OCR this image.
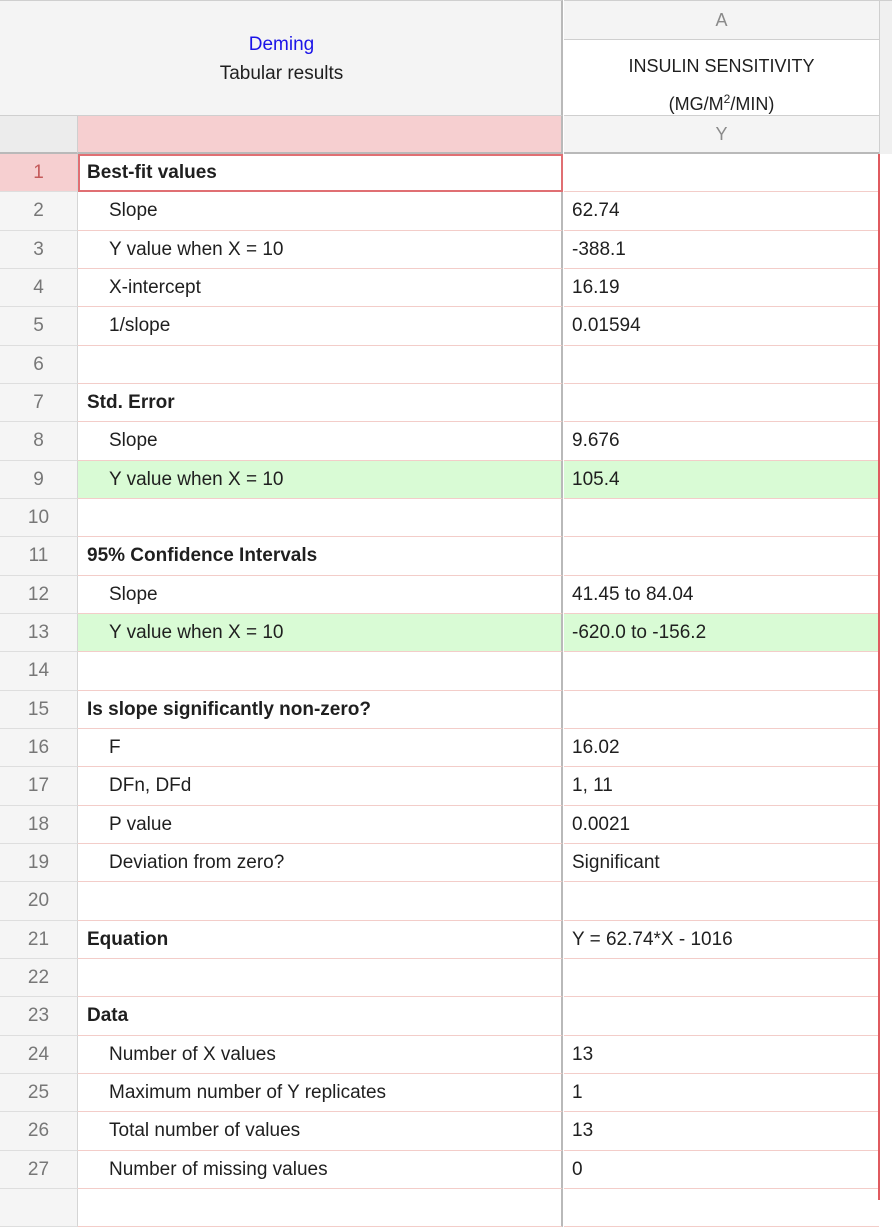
Deming
Tabular results
A
INSULIN SENSITIVITY
$(MG/M^2/MIN)$
Y
1	Best-fit values
2	Slope	62.74
3	Y value when X = 10	-388.1
4	X-intercept	16.19
5	1/slope	0.01594
6
7	Std. Error
8	Slope	9.676
9	Y value when X = 10	105.4
10
11	95% Confidence Intervals
12	Slope	41.45 to 84.04
13	Y value when X = 10	-620.0 to -156.2
14
15	Is slope significantly non-zero?
16	F	16.02
17	DFn, DFd	1, 11
18	P value	0.0021
19	Deviation from zero?	Significant
20
21	Equation	Y = 62.74*X - 1016
22
23	Data
24	Number of X values	13
25	Maximum number of Y replicates	1
26	Total number of values	13
27	Number of missing values	0
